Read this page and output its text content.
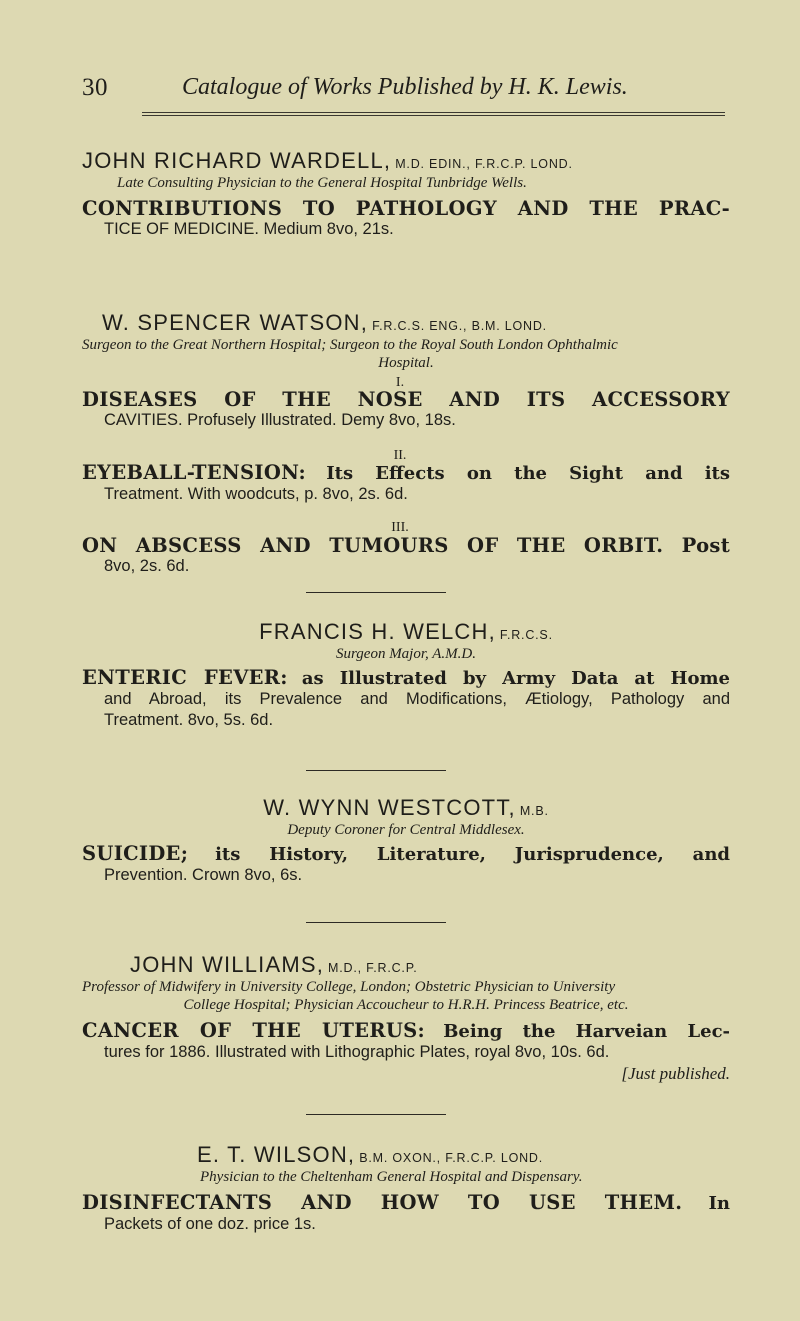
30	Catalogue of Works Published by H. K. Lewis.
JOHN RICHARD WARDELL, M.D. EDIN., F.R.C.P. LOND.
Late Consulting Physician to the General Hospital Tunbridge Wells.
CONTRIBUTIONS TO PATHOLOGY AND THE PRAC-
TICE OF MEDICINE. Medium 8vo, 21s.
W. SPENCER WATSON, F.R.C.S. ENG., B.M. LOND.
Surgeon to the Great Northern Hospital; Surgeon to the Royal South London Ophthalmic
Hospital.
I.
DISEASES OF THE NOSE AND ITS ACCESSORY
CAVITIES. Profusely Illustrated. Demy 8vo, 18s.
II.
EYEBALL-TENSION: Its Effects on the Sight and its
Treatment. With woodcuts, p. 8vo, 2s. 6d.
III.
ON ABSCESS AND TUMOURS OF THE ORBIT. Post
8vo, 2s. 6d.
FRANCIS H. WELCH, F.R.C.S.
Surgeon Major, A.M.D.
ENTERIC FEVER: as Illustrated by Army Data at Home
and Abroad, its Prevalence and Modifications, Ætiology, Pathology and
Treatment. 8vo, 5s. 6d.
W. WYNN WESTCOTT, M.B.
Deputy Coroner for Central Middlesex.
SUICIDE; its History, Literature, Jurisprudence, and
Prevention. Crown 8vo, 6s.
JOHN WILLIAMS, M.D., F.R.C.P.
Professor of Midwifery in University College, London; Obstetric Physician to University
College Hospital; Physician Accoucheur to H.R.H. Princess Beatrice, etc.
CANCER OF THE UTERUS: Being the Harveian Lec-
tures for 1886. Illustrated with Lithographic Plates, royal 8vo, 10s. 6d.
[Just published.
E. T. WILSON, B.M. OXON., F.R.C.P. LOND.
Physician to the Cheltenham General Hospital and Dispensary.
DISINFECTANTS AND HOW TO USE THEM. In
Packets of one doz. price 1s.
